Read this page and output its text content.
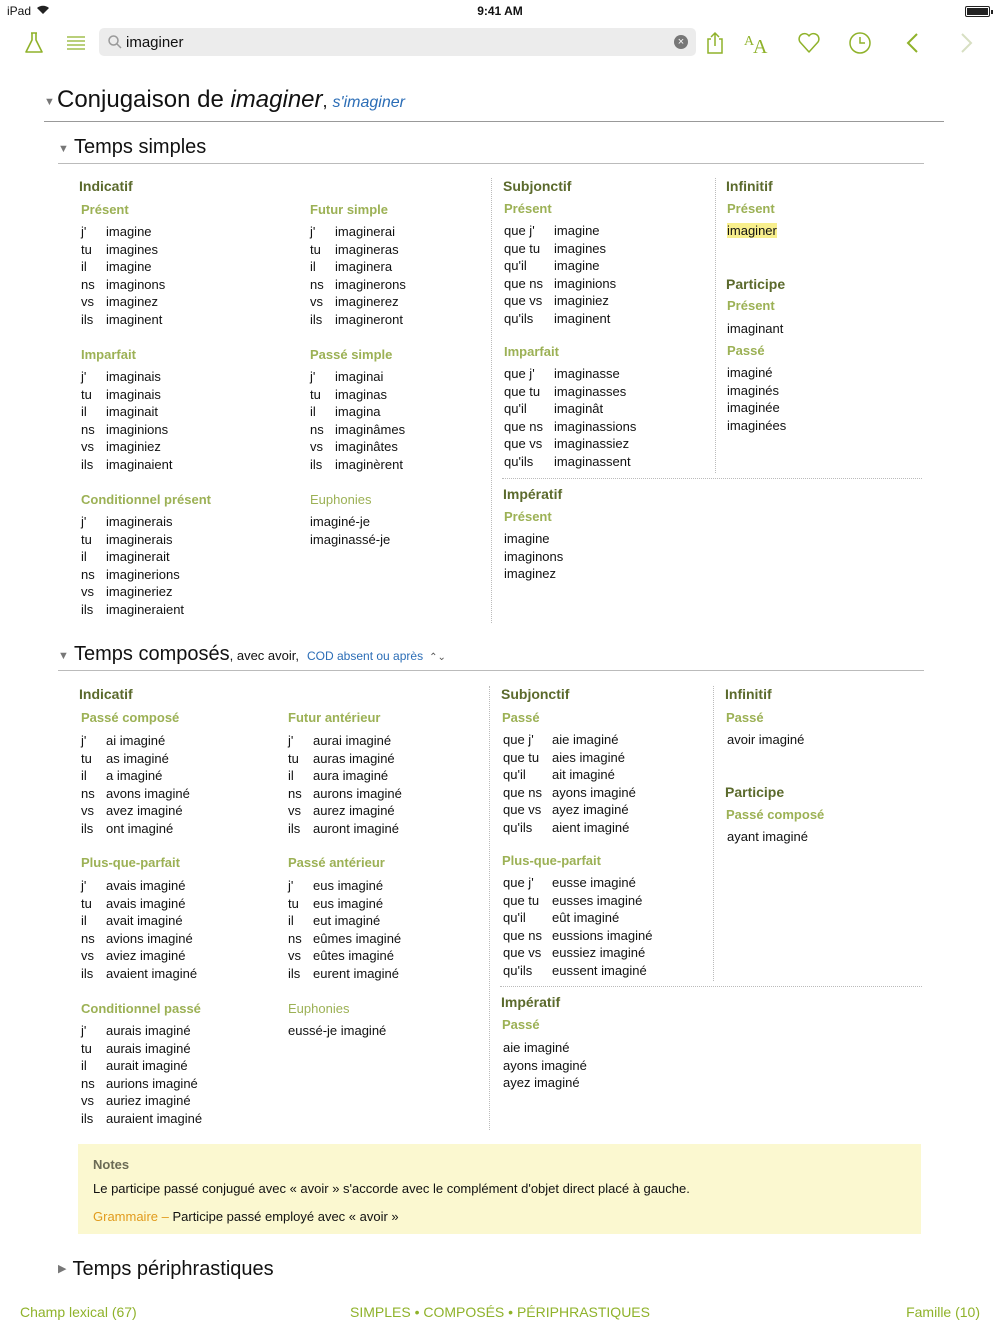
iPad	9:41 AM
imaginer
×	A
A
▼ Conjugaison de imaginer, s'imaginer
▼ Temps simples
Indicatif
Présent
j'	imagine
tu	imagines
il	imagine
ns imaginons
vs imaginez
ils imaginent
Futur simple
j'	imaginerai
tu	imagineras
il	imaginera
ns imaginerons
vs imaginerez
ils imagineront
Imparfait
j'	imaginais
tu	imaginais
il	imaginait
ns imaginions
vs imaginiez
ils imaginaient
Passé simple
j'	imaginai
tu	imaginas
il	imagina
ns imaginâmes
vs imaginâtes
ils imaginèrent
Conditionnel présent
j'	imaginerais
tu	imaginerais
il	imaginerait
ns imaginerions
vs imagineriez
ils imagineraient
Euphonies
imaginé-je
imaginassé-je
Subjonctif
Présent
que j'	imagine
que tu	imagines
qu'il	imagine
que ns imaginions
que vs imaginiez
qu'ils	imaginent
Imparfait
que j'	imaginasse
que tu	imaginasses
qu'il	imaginât
que ns imaginassions
que vs imaginassiez
qu'ils	imaginassent
Infinitif
Présent
imaginer
Participe
Présent
imaginant
Passé
imaginé
imaginés
imaginée
imaginées
Impératif
Présent
imagine
imaginons
imaginez
▼ Temps composés, avec avoir, COD absent ou après ⌃⌄
Indicatif
Passé composé
j'	ai imaginé
tu	as imaginé
il	a imaginé
ns avons imaginé
vs avez imaginé
ils ont imaginé
Futur antérieur
j'	aurai imaginé
tu	auras imaginé
il	aura imaginé
ns aurons imaginé
vs aurez imaginé
ils auront imaginé
Plus-que-parfait
j'	avais imaginé
tu	avais imaginé
il	avait imaginé
ns avions imaginé
vs aviez imaginé
ils avaient imaginé
Passé antérieur
j'	eus imaginé
tu	eus imaginé
il	eut imaginé
ns eûmes imaginé
vs eûtes imaginé
ils eurent imaginé
Conditionnel passé
j'	aurais imaginé
tu	aurais imaginé
il	aurait imaginé
ns aurions imaginé
vs auriez imaginé
ils auraient imaginé
Euphonies
eussé-je imaginé
Subjonctif
Passé
que j'	aie imaginé
que tu aies imaginé
qu'il	ait imaginé
que ns ayons imaginé
que vs ayez imaginé
qu'ils	aient imaginé
Plus-que-parfait
que j'	eusse imaginé
que tu eusses imaginé
qu'il	eût imaginé
que ns eussions imaginé
que vs eussiez imaginé
qu'ils	eussent imaginé
Infinitif
Passé
avoir imaginé
Participe
Passé composé
ayant imaginé
Impératif
Passé
aie imaginé
ayons imaginé
ayez imaginé
Notes
Le participe passé conjugué avec « avoir » s'accorde avec le complément d'objet direct placé à gauche.
Grammaire – Participe passé employé avec « avoir »
▶ Temps périphrastiques
Champ lexical (67)	SIMPLES • COMPOSÉS • PÉRIPHRASTIQUES	Famille (10)
